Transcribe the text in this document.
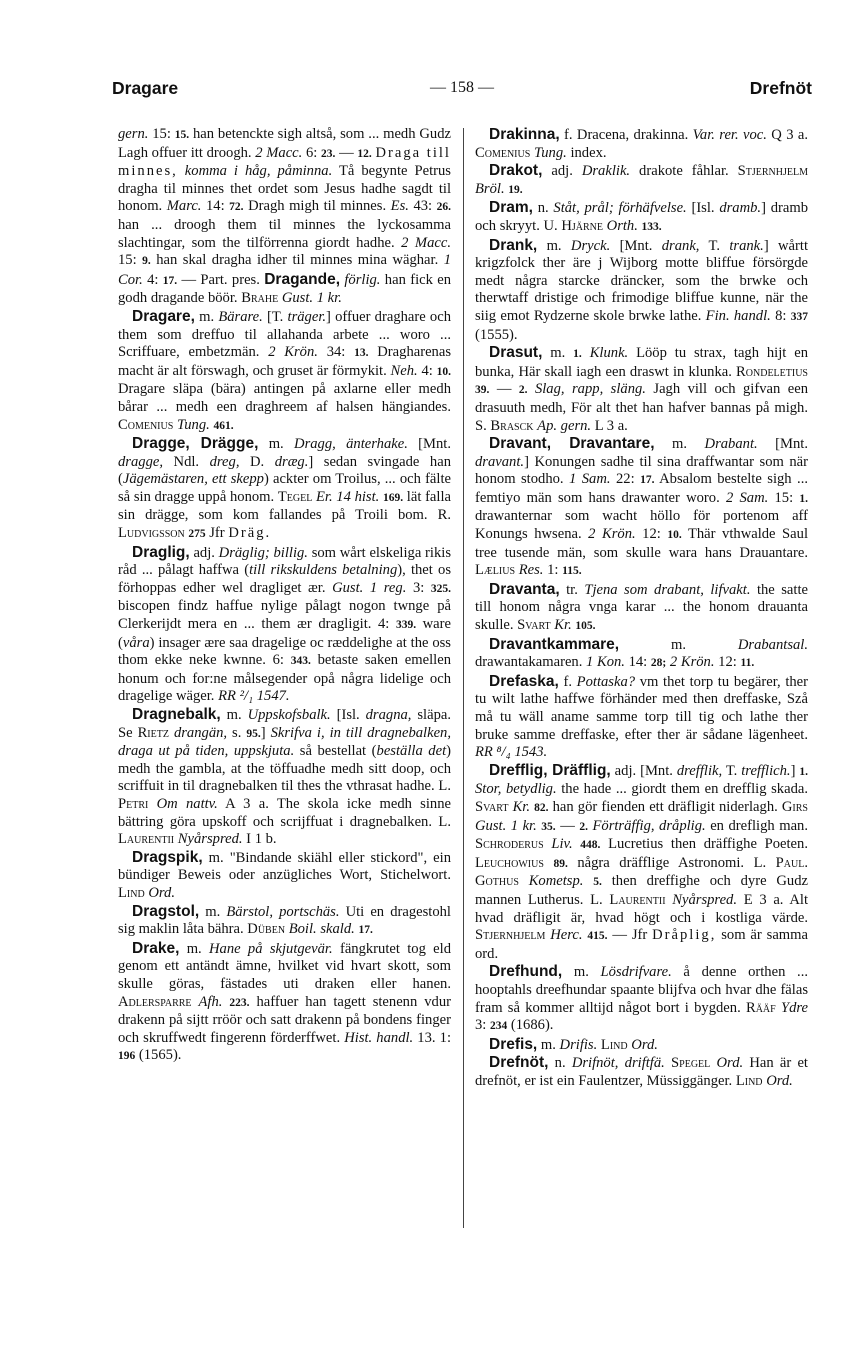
Dragare	— 158 —	Drefnöt

gern. 15: 15. han betenckte sigh altså, som ... medh Gudz Lagh offuer itt droogh. 2 Macc. 6: 23. — 12. Draga till minnes, komma i håg, påminna. Tå begynte Petrus dragha til minnes thet ordet som Jesus hadhe sagdt til honom. Marc. 14: 72. Dragh migh til minnes. Es. 43: 26. han ... droogh them til minnes the lyckosamma slachtingar, som the tilförrenna giordt hadhe. 2 Macc. 15: 9. han skal dragha idher til minnes mina wäghar. 1 Cor. 4: 17. — Part. pres. Dragande, förlig. han fick en godh dragande böör. Brahe Gust. 1 kr.

Dragare, m. Bärare. [T. träger.] offuer draghare och them som dreffuo til allahanda arbete ... woro ... Scriffuare, embetzmän. 2 Krön. 34: 13. Dragharenas macht är alt förswagh, och gruset är förmykit. Neh. 4: 10. Dragare släpa (bära) antingen på axlarne eller medh bårar ... medh een draghreem af halsen hängiandes. Comenius Tung. 461.

Dragge, Drägge, m. Dragg, änterhake. [Mnt. dragge, Ndl. dreg, D. dræg.] sedan svingade han (Jägemästaren, ett skepp) ackter om Troilus, ... och fälte så sin dragge uppå honom. Tegel Er. 14 hist. 169. lät falla sin drägge, som kom fallandes på Troili bom. R. Ludvigsson 275 Jfr Dräg.

Draglig, adj. Dräglig; billig. som wårt elskeliga rikis råd ... pålagt haffwa (till rikskuldens betalning), thet os förhoppas edher wel dragliget ær. Gust. 1 reg. 3: 325. biscopen findz haffue nylige pålagt nogon twnge på Clerkerijdt mera en ... them ær dragligit. 4: 339. ware (våra) insager ære saa dragelige oc ræddelighe at the oss thom ekke neke kwnne. 6: 343. betaste saken emellen honum och for:ne målsegender opå några lidelige och dragelige wäger. RR ²/₁ 1547.

Dragnebalk, m. Uppskofsbalk. [Isl. dragna, släpa. Se Rietz drangän, s. 95.] Skrifva i, in till dragnebalken, draga ut på tiden, uppskjuta. så bestellat (beställa det) medh the gambla, at the töffuadhe medh sitt doop, och scriffuit in til dragnebalken til thes the vthrasat hadhe. L. Petri Om nattv. A 3 a. The skola icke medh sinne bättring göra upskoff och scrijffuat i dragnebalken. L. Laurentii Nyårspred. I 1 b.

Dragspik, m. "Bindande skiähl eller stickord", ein bündiger Beweis oder anzügliches Wort, Stichelwort. Lind Ord.

Dragstol, m. Bärstol, portschäs. Uti en dragestohl sig maklin låta bähra. Düben Boil. skald. 17.

Drake, m. Hane på skjutgevär. fängkrutet tog eld genom ett antändt ämne, hvilket vid hvart skott, som skulle göras, fästades uti draken eller hanen. Adlersparre Afh. 223. haffuer han tagett stenenn vdur drakenn på sijtt rröör och satt drakenn på bondens finger och skruffwedt fingerenn förderffwet. Hist. handl. 13. 1: 196 (1565).

Drakinna, f. Dracena, drakinna. Var. rer. voc. Q 3 a. Comenius Tung. index.

Drakot, adj. Draklik. drakote fåhlar. Stjernhjelm Bröl. 19.

Dram, n. Ståt, prål; förhäfvelse. [Isl. dramb.] dramb och skryyt. U. Hjärne Orth. 133.

Drank, m. Dryck. [Mnt. drank, T. trank.] wårtt krigzfolck ther äre j Wijborg motte bliffue försörgde medt några starcke dräncker, som the brwke och therwtaff dristige och frimodige bliffue kunne, när the siig emot Rydzerne skole brwke lathe. Fin. handl. 8: 337 (1555).

Drasut, m. 1. Klunk. Lööp tu strax, tagh hijt en bunka, Här skall iagh een draswt in klunka. Rondeletius 39. — 2. Slag, rapp, släng. Jagh vill och gifvan een drasuuth medh, För alt thet han hafver bannas på migh. S. Brasck Ap. gern. L 3 a.

Dravant, Dravantare, m. Drabant. [Mnt. dravant.] Konungen sadhe til sina draffwantar som när honom stodho. 1 Sam. 22: 17. Absalom bestelte sigh ... femtiyo män som hans drawanter woro. 2 Sam. 15: 1. drawanternar som wacht höllo för portenom aff Konungs hwsena. 2 Krön. 12: 10. Thär vthwalde Saul tree tusende män, som skulle wara hans Drauantare. Lælius Res. 1: 115.

Dravanta, tr. Tjena som drabant, lifvakt. the satte till honom några vnga karar ... the honom drauanta skulle. Svart Kr. 105.

Dravantkammare, m. Drabantsal. drawantakamaren. 1 Kon. 14: 28; 2 Krön. 12: 11.

Drefaska, f. Pottaska? vm thet torp tu begärer, ther tu wilt lathe haffwe förhänder med then dreffaske, Szå må tu wäll aname samme torp till tig och lathe ther bruke samme dreffaske, efter ther är sådane lägenheet. RR ⁸/₄ 1543.

Drefflig, Dräfflig, adj. [Mnt. drefflik, T. trefflich.] 1. Stor, betydlig. the hade ... giordt them en drefflig skada. Svart Kr. 82. han gör fienden ett dräfligit niderlagh. Girs Gust. 1 kr. 35. — 2. Förträffig, dråplig. en drefligh man. Schroderus Liv. 448. Lucretius then dräffighe Poeten. Leuchowius 89. några dräfflige Astronomi. L. Paul. Gothus Kometsp. 5. then dreffighe och dyre Gudz mannen Lutherus. L. Laurentii Nyårspred. E 3 a. Alt hvad dräfligit är, hvad högt och i kostliga värde. Stjernhjelm Herc. 415. — Jfr Dråplig, som är samma ord.

Drefhund, m. Lösdrifvare. å denne orthen ... hooptahls dreefhundar spaante blijfva och hvar dhe fälas fram så kommer alltijd något bort i bygden. Rääf Ydre 3: 234 (1686).

Drefis, m. Drifis. Lind Ord.

Drefnöt, n. Drifnöt, driftfä. Spegel Ord. Han är et drefnöt, er ist ein Faulentzer, Müssiggänger. Lind Ord.
